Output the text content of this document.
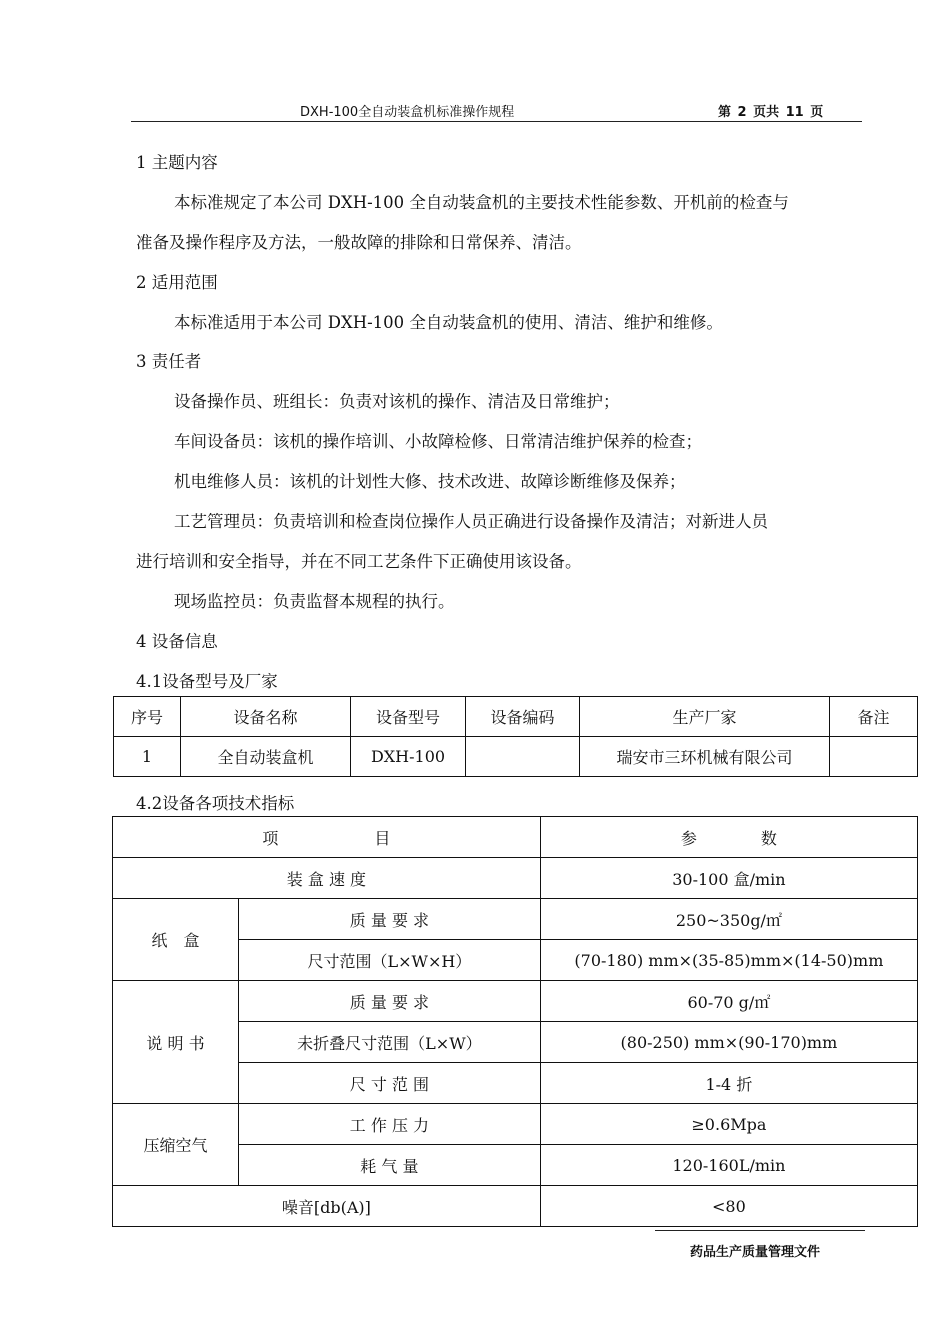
DXH-100全自动装盒机标准操作规程	第 2 页共 11 页
1 主题内容
本标准规定了本公司 DXH-100 全自动装盒机的主要技术性能参数、开机前的检查与
准备及操作程序及方法，一般故障的排除和日常保养、清洁。
2 适用范围
本标准适用于本公司 DXH-100 全自动装盒机的使用、清洁、维护和维修。
3 责任者
设备操作员、班组长：负责对该机的操作、清洁及日常维护；
车间设备员：该机的操作培训、小故障检修、日常清洁维护保养的检查；
机电维修人员：该机的计划性大修、技术改进、故障诊断维修及保养；
工艺管理员：负责培训和检查岗位操作人员正确进行设备操作及清洁；对新进人员
进行培训和安全指导，并在不同工艺条件下正确使用该设备。
现场监控员：负责监督本规程的执行。
4 设备信息
4.1设备型号及厂家
序号	设备名称	设备型号	设备编码	生产厂家	备注
1	全自动装盒机	DXH-100		瑞安市三环机械有限公司	
4.2设备各项技术指标
项　　　　　　目		参　　　　数
装 盒 速 度		30-100 盒/min
纸　盒	质 量 要 求	250~350g/㎡
	尺寸范围（L×W×H）	(70-180) mm×(35-85)mm×(14-50)mm
说 明 书	质 量 要 求	60-70 g/㎡
	未折叠尺寸范围（L×W）	(80-250) mm×(90-170)mm
	尺 寸 范 围	1-4 折
压缩空气	工 作 压 力	≥0.6Mpa
	耗 气 量	120-160L/min
噪音[db(A)]		<80
药品生产质量管理文件
